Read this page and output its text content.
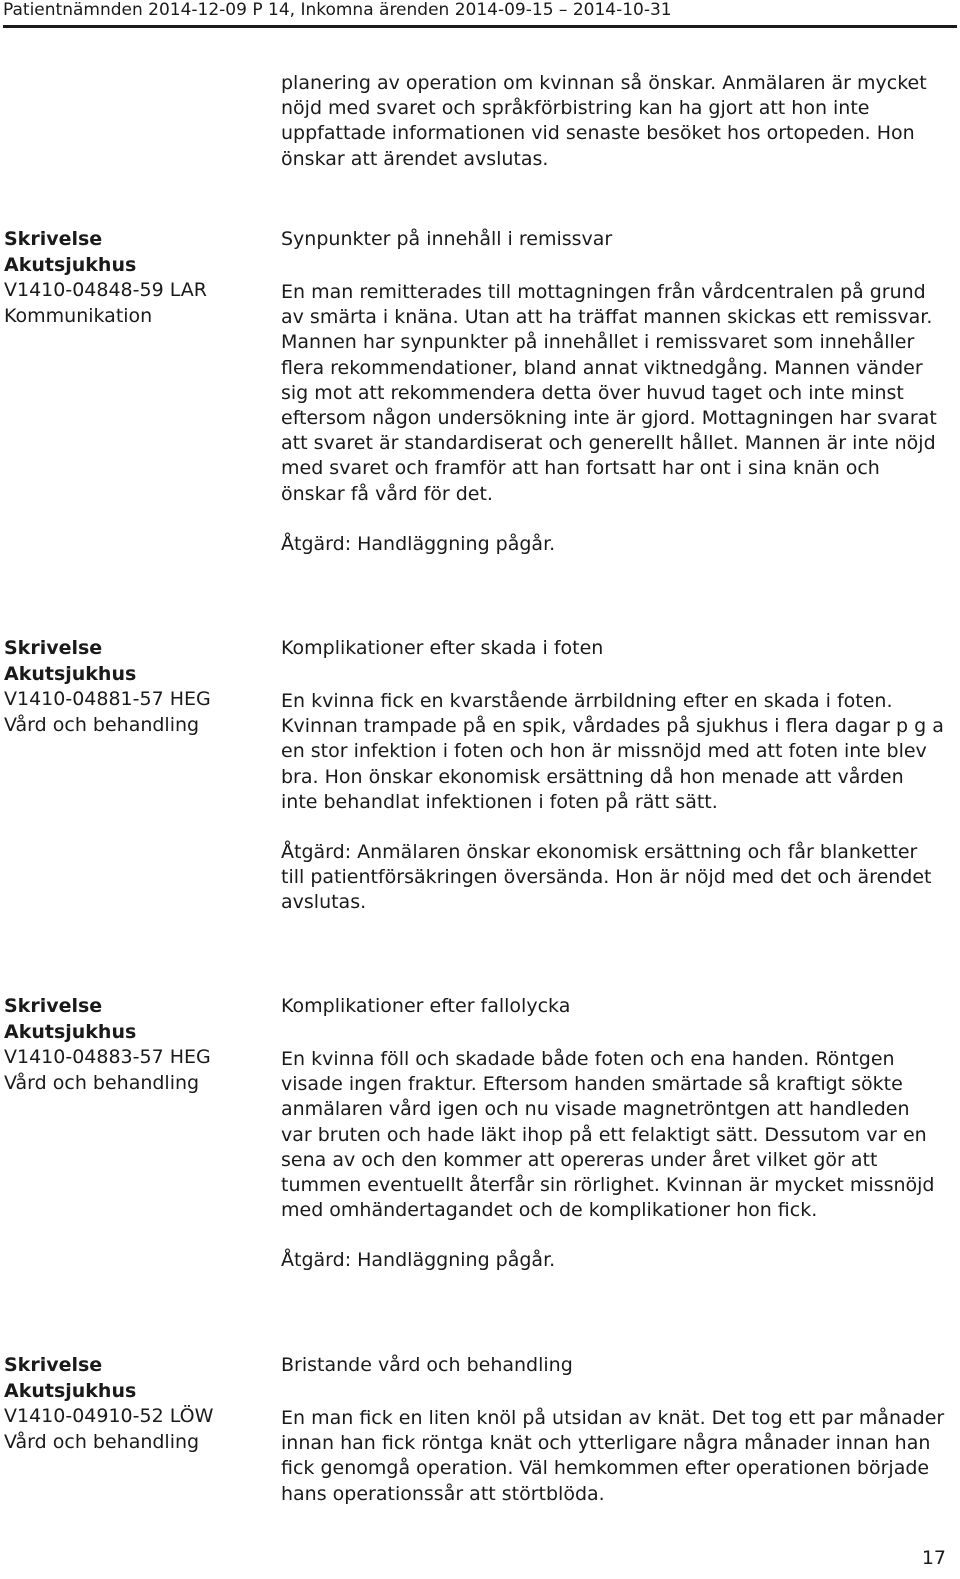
Patientnämnden 2014-12-09 P 14, Inkomna ärenden 2014-09-15 – 2014-10-31
planering av operation om kvinnan så önskar. Anmälaren är mycket nöjd med svaret och språkförbistring kan ha gjort att hon inte uppfattade informationen vid senaste besöket hos ortopeden. Hon önskar att ärendet avslutas.
Skrivelse
Akutsjukhus
V1410-04848-59 LAR
Kommunikation
Synpunkter på innehåll i remissvar

En man remitterades till mottagningen från vårdcentralen på grund av smärta i knäna. Utan att ha träffat mannen skickas ett remissvar. Mannen har synpunkter på innehållet i remissvaret som innehåller flera rekommendationer, bland annat viktnedgång. Mannen vänder sig mot att rekommendera detta över huvud taget och inte minst eftersom någon undersökning inte är gjord. Mottagningen har svarat att svaret är standardiserat och generellt hållet. Mannen är inte nöjd med svaret och framför att han fortsatt har ont i sina knän och önskar få vård för det.

Åtgärd: Handläggning pågår.
Skrivelse
Akutsjukhus
V1410-04881-57 HEG
Vård och behandling
Komplikationer efter skada i foten

En kvinna fick en kvarstående ärrbildning efter en skada i foten. Kvinnan trampade på en spik, vårdades på sjukhus i flera dagar p g a en stor infektion i foten och hon är missnöjd med att foten inte blev bra. Hon önskar ekonomisk ersättning då hon menade att vården inte behandlat infektionen i foten på rätt sätt.

Åtgärd: Anmälaren önskar ekonomisk ersättning och får blanketter till patientförsäkringen översända. Hon är nöjd med det och ärendet avslutas.
Skrivelse
Akutsjukhus
V1410-04883-57 HEG
Vård och behandling
Komplikationer efter fallolycka

En kvinna föll och skadade både foten och ena handen. Röntgen visade ingen fraktur. Eftersom handen smärtade så kraftigt sökte anmälaren vård igen och nu visade magnetröntgen att handleden var bruten och hade läkt ihop på ett felaktigt sätt. Dessutom var en sena av och den kommer att opereras under året vilket gör att tummen eventuellt återfår sin rörlighet. Kvinnan är mycket missnöjd med omhändertagandet och de komplikationer hon fick.

Åtgärd: Handläggning pågår.
Skrivelse
Akutsjukhus
V1410-04910-52 LÖW
Vård och behandling
Bristande vård och behandling

En man fick en liten knöl på utsidan av knät. Det tog ett par månader innan han fick röntga knät och ytterligare några månader innan han fick genomgå operation. Väl hemkommen efter operationen började hans operationssår att störtblöda.

17
